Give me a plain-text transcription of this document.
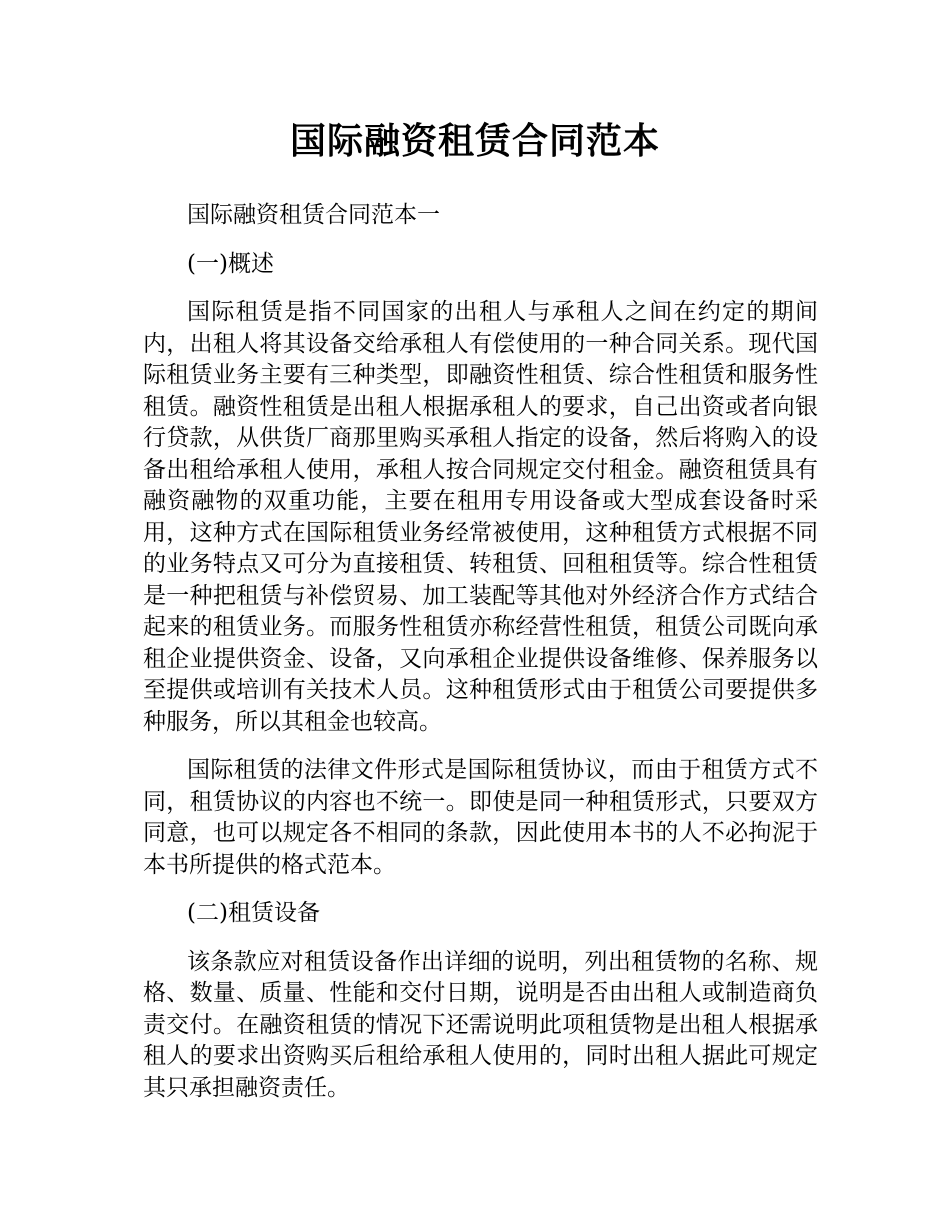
国际融资租赁合同范本

国际融资租赁合同范本一

(一)概述

国际租赁是指不同国家的出租人与承租人之间在约定的期间内，出租人将其设备交给承租人有偿使用的一种合同关系。现代国际租赁业务主要有三种类型，即融资性租赁、综合性租赁和服务性租赁。融资性租赁是出租人根据承租人的要求，自己出资或者向银行贷款，从供货厂商那里购买承租人指定的设备，然后将购入的设备出租给承租人使用，承租人按合同规定交付租金。融资租赁具有融资融物的双重功能，主要在租用专用设备或大型成套设备时采用，这种方式在国际租赁业务经常被使用，这种租赁方式根据不同的业务特点又可分为直接租赁、转租赁、回租租赁等。综合性租赁是一种把租赁与补偿贸易、加工装配等其他对外经济合作方式结合起来的租赁业务。而服务性租赁亦称经营性租赁，租赁公司既向承租企业提供资金、设备，又向承租企业提供设备维修、保养服务以至提供或培训有关技术人员。这种租赁形式由于租赁公司要提供多种服务，所以其租金也较高。

国际租赁的法律文件形式是国际租赁协议，而由于租赁方式不同，租赁协议的内容也不统一。即使是同一种租赁形式，只要双方同意，也可以规定各不相同的条款，因此使用本书的人不必拘泥于本书所提供的格式范本。

(二)租赁设备

该条款应对租赁设备作出详细的说明，列出租赁物的名称、规格、数量、质量、性能和交付日期，说明是否由出租人或制造商负责交付。在融资租赁的情况下还需说明此项租赁物是出租人根据承租人的要求出资购买后租给承租人使用的，同时出租人据此可规定其只承担融资责任。
